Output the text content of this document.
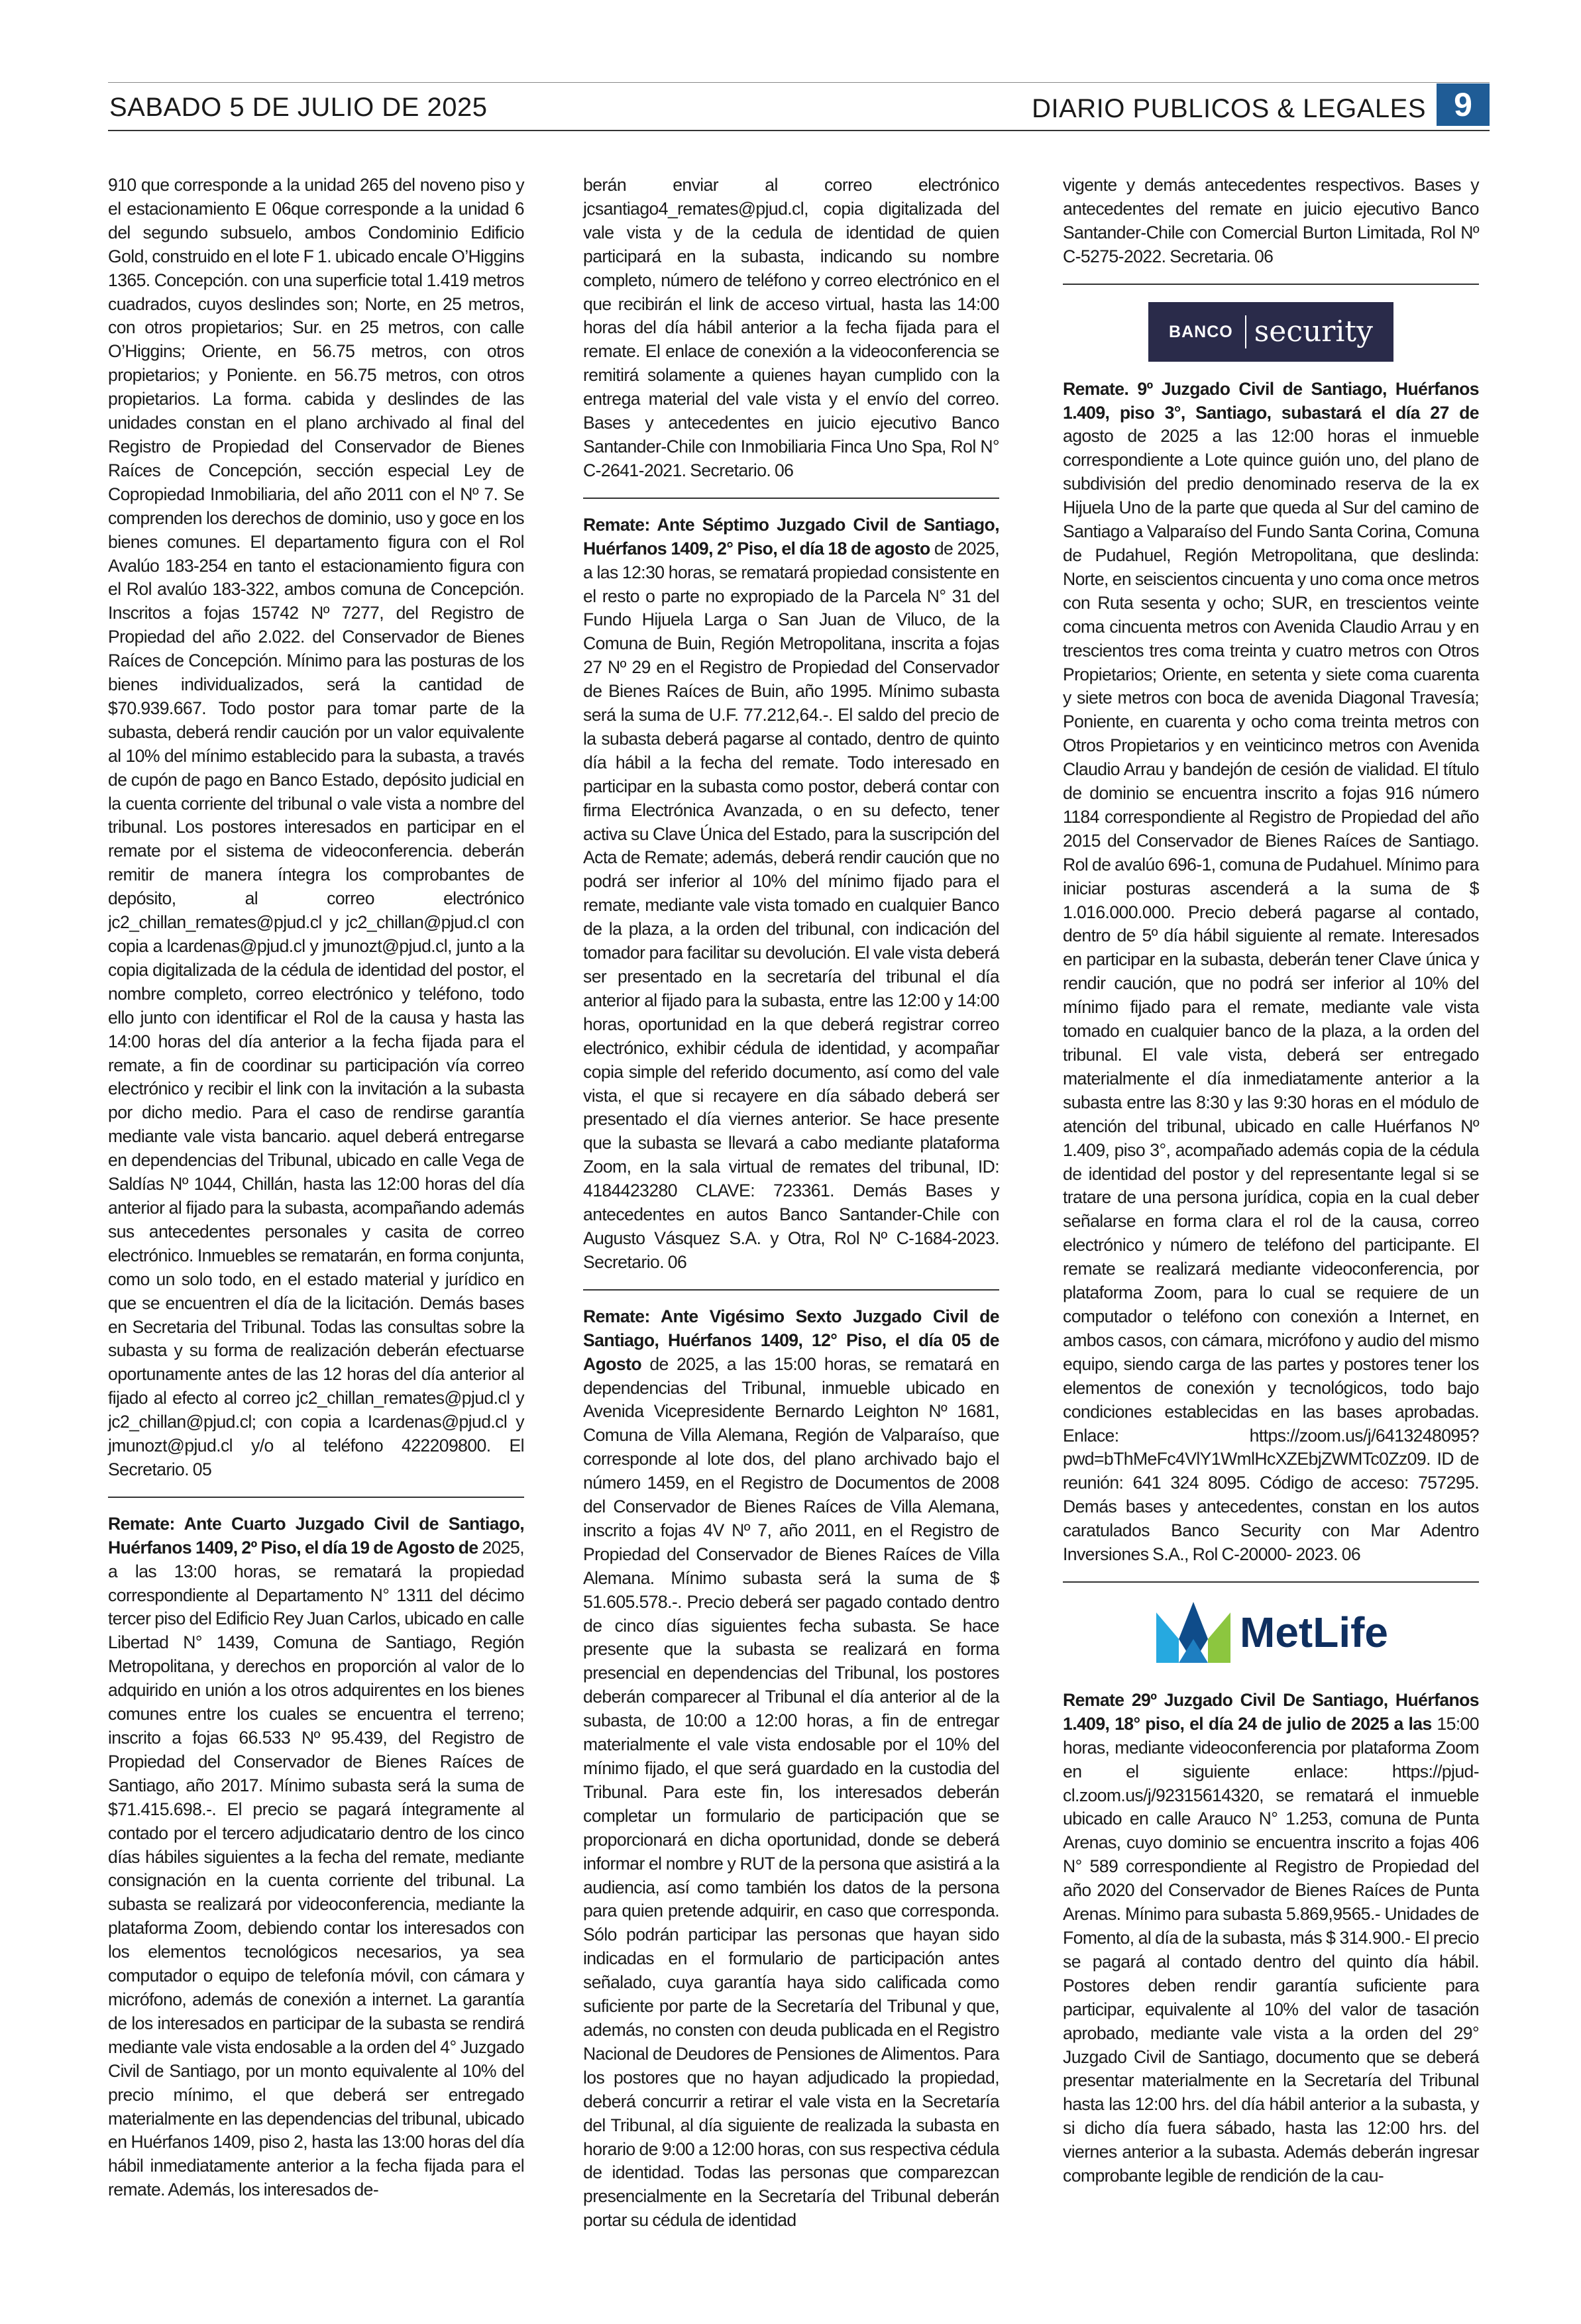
SABADO 5 DE JULIO DE 2025	DIARIO PUBLICOS & LEGALES 9

910 que corresponde a la unidad 265 del noveno piso y el estacionamiento E 06que corresponde a la unidad 6 del segundo subsuelo, ambos Condominio Edificio Gold, construido en el lote F 1. ubicado encale O’Higgins 1365. Concepción. con una superficie total 1.419 metros cuadrados, cuyos deslindes son; Norte, en 25 metros, con otros propietarios; Sur. en 25 metros, con calle O’Higgins; Oriente, en 56.75 metros, con otros propietarios; y Poniente. en 56.75 metros, con otros propietarios. La forma. cabida y deslindes de las unidades constan en el plano archivado al final del Registro de Propiedad del Conservador de Bienes Raíces de Concepción, sección especial Ley de Copropiedad Inmobiliaria, del año 2011 con el Nº 7. Se comprenden los derechos de dominio, uso y goce en los bienes comunes. El departamento figura con el Rol Avalúo 183-254 en tanto el estacionamiento figura con el Rol avalúo 183-322, ambos comuna de Concepción. Inscritos a fojas 15742 Nº 7277, del Registro de Propiedad del año 2.022. del Conservador de Bienes Raíces de Concepción. Mínimo para las posturas de los bienes individualizados, será la cantidad de $70.939.667. Todo postor para tomar parte de la subasta, deberá rendir caución por un valor equivalente al 10% del mínimo establecido para la subasta, a través de cupón de pago en Banco Estado, depósito judicial en la cuenta corriente del tribunal o vale vista a nombre del tribunal. Los postores interesados en participar en el remate por el sistema de videoconferencia. deberán remitir de manera íntegra los comprobantes de depósito, al correo electrónico jc2_chillan_remates@pjud.cl y jc2_chillan@pjud.cl con copia a lcardenas@pjud.cl y jmunozt@pjud.cl, junto a la copia digitalizada de la cédula de identidad del postor, el nombre completo, correo electrónico y teléfono, todo ello junto con identificar el Rol de la causa y hasta las 14:00 horas del día anterior a la fecha fijada para el remate, a fin de coordinar su participación vía correo electrónico y recibir el link con la invitación a la subasta por dicho medio. Para el caso de rendirse garantía mediante vale vista bancario. aquel deberá entregarse en dependencias del Tribunal, ubicado en calle Vega de Saldías Nº 1044, Chillán, hasta las 12:00 horas del día anterior al fijado para la subasta, acompañando además sus antecedentes personales y casita de correo electrónico. Inmuebles se rematarán, en forma conjunta, como un solo todo, en el estado material y jurídico en que se encuentren el día de la licitación. Demás bases en Secretaria del Tribunal. Todas las consultas sobre la subasta y su forma de realización deberán efectuarse oportunamente antes de las 12 horas del día anterior al fijado al efecto al correo jc2_chillan_remates@pjud.cl y jc2_chillan@pjud.cl; con copia a Icardenas@pjud.cl y jmunozt@pjud.cl y/o al teléfono 422209800. El Secretario. 05

Remate: Ante Cuarto Juzgado Civil de Santiago, Huérfanos 1409, 2º Piso, el día 19 de Agosto de 2025, a las 13:00 horas, se rematará la propiedad correspondiente al Departamento N° 1311 del décimo tercer piso del Edificio Rey Juan Carlos, ubicado en calle Libertad N° 1439, Comuna de Santiago, Región Metropolitana, y derechos en proporción al valor de lo adquirido en unión a los otros adquirentes en los bienes comunes entre los cuales se encuentra el terreno; inscrito a fojas 66.533 Nº 95.439, del Registro de Propiedad del Conservador de Bienes Raíces de Santiago, año 2017. Mínimo subasta será la suma de $71.415.698.-. El precio se pagará íntegramente al contado por el tercero adjudicatario dentro de los cinco días hábiles siguientes a la fecha del remate, mediante consignación en la cuenta corriente del tribunal. La subasta se realizará por videoconferencia, mediante la plataforma Zoom, debiendo contar los interesados con los elementos tecnológicos necesarios, ya sea computador o equipo de telefonía móvil, con cámara y micrófono, además de conexión a internet. La garantía de los interesados en participar de la subasta se rendirá mediante vale vista endosable a la orden del 4° Juzgado Civil de Santiago, por un monto equivalente al 10% del precio mínimo, el que deberá ser entregado materialmente en las dependencias del tribunal, ubicado en Huérfanos 1409, piso 2, hasta las 13:00 horas del día hábil inmediatamente anterior a la fecha fijada para el remate. Además, los interesados de-

berán enviar al correo electrónico jcsantiago4_remates@pjud.cl, copia digitalizada del vale vista y de la cedula de identidad de quien participará en la subasta, indicando su nombre completo, número de teléfono y correo electrónico en el que recibirán el link de acceso virtual, hasta las 14:00 horas del día hábil anterior a la fecha fijada para el remate. El enlace de conexión a la videoconferencia se remitirá solamente a quienes hayan cumplido con la entrega material del vale vista y el envío del correo. Bases y antecedentes en juicio ejecutivo Banco Santander-Chile con Inmobiliaria Finca Uno Spa, Rol N° C-2641-2021. Secretario. 06

Remate: Ante Séptimo Juzgado Civil de Santiago, Huérfanos 1409, 2° Piso, el día 18 de agosto de 2025, a las 12:30 horas, se rematará propiedad consistente en el resto o parte no expropiado de la Parcela N° 31 del Fundo Hijuela Larga o San Juan de Viluco, de la Comuna de Buin, Región Metropolitana, inscrita a fojas 27 Nº 29 en el Registro de Propiedad del Conservador de Bienes Raíces de Buin, año 1995. Mínimo subasta será la suma de U.F. 77.212,64.-. El saldo del precio de la subasta deberá pagarse al contado, dentro de quinto día hábil a la fecha del remate. Todo interesado en participar en la subasta como postor, deberá contar con firma Electrónica Avanzada, o en su defecto, tener activa su Clave Única del Estado, para la suscripción del Acta de Remate; además, deberá rendir caución que no podrá ser inferior al 10% del mínimo fijado para el remate, mediante vale vista tomado en cualquier Banco de la plaza, a la orden del tribunal, con indicación del tomador para facilitar su devolución. El vale vista deberá ser presentado en la secretaría del tribunal el día anterior al fijado para la subasta, entre las 12:00 y 14:00 horas, oportunidad en la que deberá registrar correo electrónico, exhibir cédula de identidad, y acompañar copia simple del referido documento, así como del vale vista, el que si recayere en día sábado deberá ser presentado el día viernes anterior. Se hace presente que la subasta se llevará a cabo mediante plataforma Zoom, en la sala virtual de remates del tribunal, ID: 4184423280 CLAVE: 723361. Demás Bases y antecedentes en autos Banco Santander-Chile con Augusto Vásquez S.A. y Otra, Rol Nº C-1684-2023. Secretario. 06

Remate: Ante Vigésimo Sexto Juzgado Civil de Santiago, Huérfanos 1409, 12° Piso, el día 05 de Agosto de 2025, a las 15:00 horas, se rematará en dependencias del Tribunal, inmueble ubicado en Avenida Vicepresidente Bernardo Leighton Nº 1681, Comuna de Villa Alemana, Región de Valparaíso, que corresponde al lote dos, del plano archivado bajo el número 1459, en el Registro de Documentos de 2008 del Conservador de Bienes Raíces de Villa Alemana, inscrito a fojas 4V Nº 7, año 2011, en el Registro de Propiedad del Conservador de Bienes Raíces de Villa Alemana. Mínimo subasta será la suma de $ 51.605.578.-. Precio deberá ser pagado contado dentro de cinco días siguientes fecha subasta. Se hace presente que la subasta se realizará en forma presencial en dependencias del Tribunal, los postores deberán comparecer al Tribunal el día anterior al de la subasta, de 10:00 a 12:00 horas, a fin de entregar materialmente el vale vista endosable por el 10% del mínimo fijado, el que será guardado en la custodia del Tribunal. Para este fin, los interesados deberán completar un formulario de participación que se proporcionará en dicha oportunidad, donde se deberá informar el nombre y RUT de la persona que asistirá a la audiencia, así como también los datos de la persona para quien pretende adquirir, en caso que corresponda. Sólo podrán participar las personas que hayan sido indicadas en el formulario de participación antes señalado, cuya garantía haya sido calificada como suficiente por parte de la Secretaría del Tribunal y que, además, no consten con deuda publicada en el Registro Nacional de Deudores de Pensiones de Alimentos. Para los postores que no hayan adjudicado la propiedad, deberá concurrir a retirar el vale vista en la Secretaría del Tribunal, al día siguiente de realizada la subasta en horario de 9:00 a 12:00 horas, con sus respectiva cédula de identidad. Todas las personas que comparezcan presencialmente en la Secretaría del Tribunal deberán portar su cédula de identidad

vigente y demás antecedentes respectivos. Bases y antecedentes del remate en juicio ejecutivo Banco Santander-Chile con Comercial Burton Limitada, Rol Nº C-5275-2022. Secretaria. 06

BANCO security

Remate. 9º Juzgado Civil de Santiago, Huérfanos 1.409, piso 3°, Santiago, subastará el día 27 de agosto de 2025 a las 12:00 horas el inmueble correspondiente a Lote quince guión uno, del plano de subdivisión del predio denominado reserva de la ex Hijuela Uno de la parte que queda al Sur del camino de Santiago a Valparaíso del Fundo Santa Corina, Comuna de Pudahuel, Región Metropolitana, que deslinda: Norte, en seiscientos cincuenta y uno coma once metros con Ruta sesenta y ocho; SUR, en trescientos veinte coma cincuenta metros con Avenida Claudio Arrau y en trescientos tres coma treinta y cuatro metros con Otros Propietarios; Oriente, en setenta y siete coma cuarenta y siete metros con boca de avenida Diagonal Travesía; Poniente, en cuarenta y ocho coma treinta metros con Otros Propietarios y en veinticinco metros con Avenida Claudio Arrau y bandejón de cesión de vialidad. El título de dominio se encuentra inscrito a fojas 916 número 1184 correspondiente al Registro de Propiedad del año 2015 del Conservador de Bienes Raíces de Santiago. Rol de avalúo 696-1, comuna de Pudahuel. Mínimo para iniciar posturas ascenderá a la suma de $ 1.016.000.000. Precio deberá pagarse al contado, dentro de 5º día hábil siguiente al remate. Interesados en participar en la subasta, deberán tener Clave única y rendir caución, que no podrá ser inferior al 10% del mínimo fijado para el remate, mediante vale vista tomado en cualquier banco de la plaza, a la orden del tribunal. El vale vista, deberá ser entregado materialmente el día inmediatamente anterior a la subasta entre las 8:30 y las 9:30 horas en el módulo de atención del tribunal, ubicado en calle Huérfanos Nº 1.409, piso 3°, acompañado además copia de la cédula de identidad del postor y del representante legal si se tratare de una persona jurídica, copia en la cual deber señalarse en forma clara el rol de la causa, correo electrónico y número de teléfono del participante. El remate se realizará mediante videoconferencia, por plataforma Zoom, para lo cual se requiere de un computador o teléfono con conexión a Internet, en ambos casos, con cámara, micrófono y audio del mismo equipo, siendo carga de las partes y postores tener los elementos de conexión y tecnológicos, todo bajo condiciones establecidas en las bases aprobadas. Enlace: https://zoom.us/j/6413248095?pwd=bThMeFc4VlY1WmlHcXZEbjZWMTc0Zz09. ID de reunión: 641 324 8095. Código de acceso: 757295. Demás bases y antecedentes, constan en los autos caratulados Banco Security con Mar Adentro Inversiones S.A., Rol C-20000- 2023. 06

MetLife

Remate 29º Juzgado Civil De Santiago, Huérfanos 1.409, 18° piso, el día 24 de julio de 2025 a las 15:00 horas, mediante videoconferencia por plataforma Zoom en el siguiente enlace: https://pjud-cl.zoom.us/j/92315614320, se rematará el inmueble ubicado en calle Arauco N° 1.253, comuna de Punta Arenas, cuyo dominio se encuentra inscrito a fojas 406 N° 589 correspondiente al Registro de Propiedad del año 2020 del Conservador de Bienes Raíces de Punta Arenas. Mínimo para subasta 5.869,9565.- Unidades de Fomento, al día de la subasta, más $ 314.900.- El precio se pagará al contado dentro del quinto día hábil. Postores deben rendir garantía suficiente para participar, equivalente al 10% del valor de tasación aprobado, mediante vale vista a la orden del 29° Juzgado Civil de Santiago, documento que se deberá presentar materialmente en la Secretaría del Tribunal hasta las 12:00 hrs. del día hábil anterior a la subasta, y si dicho día fuera sábado, hasta las 12:00 hrs. del viernes anterior a la subasta. Además deberán ingresar comprobante legible de rendición de la cau-
